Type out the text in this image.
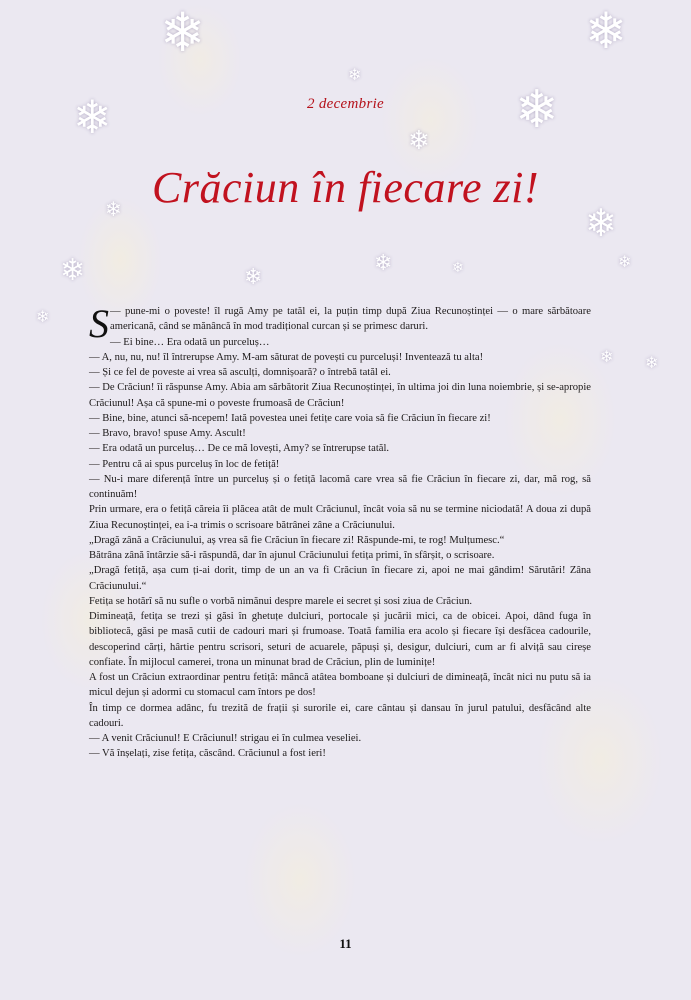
❄	❄
❄	❄
❄
❄
❄	❄
❄	❄
❄	❄	❄
❄
❄ ❄
2 decembrie
Crăciun în fiecare zi!

—
S pune-mi o poveste! îl rugă Amy pe tatăl ei, la puțin timp după Ziua Recunoștinței — o mare sărbătoare americană, când se mănâncă în mod tradițional curcan și se primesc daruri.

— Ei bine… Era odată un purceluș…

— A, nu, nu, nu! îl întrerupse Amy. M-am săturat de povești cu purceluși! Inventează tu alta!

— Și ce fel de poveste ai vrea să asculți, domnișoară? o întrebă tatăl ei.

— De Crăciun! îi răspunse Amy. Abia am sărbătorit Ziua Recunoștinței, în ultima joi din luna noiembrie, și se-apropie Crăciunul! Așa că spune-mi o poveste frumoasă de Crăciun!

— Bine, bine, atunci să-ncepem! Iată povestea unei fetițe care voia să fie Crăciun în fiecare zi!

— Bravo, bravo! spuse Amy. Ascult!

— Era odată un purceluș… De ce mă lovești, Amy? se întrerupse tatăl.

— Pentru că ai spus purceluș în loc de fetiță!

— Nu-i mare diferență între un purceluș și o fetiță lacomă care vrea să fie Crăciun în fiecare zi, dar, mă rog, să continuăm!

Prin urmare, era o fetiță căreia îi plăcea atât de mult Crăciunul, încât voia să nu se termine niciodată! A doua zi după Ziua Recunoștinței, ea i-a trimis o scrisoare bătrânei zâne a Crăciunului.

„Dragă zână a Crăciunului, aș vrea să fie Crăciun în fiecare zi! Răspunde-mi, te rog! Mulțumesc.“

Bătrâna zână întârzie să-i răspundă, dar în ajunul Crăciunului fetița primi, în sfârșit, o scrisoare.

„Dragă fetiță, așa cum ți-ai dorit, timp de un an va fi Crăciun în fiecare zi, apoi ne mai gândim! Sărutări! Zâna Crăciunului.“

Fetița se hotărî să nu sufle o vorbă nimănui despre marele ei secret și sosi ziua de Crăciun.

Dimineață, fetița se trezi și găsi în ghetuțe dulciuri, portocale și jucării mici, ca de obicei. Apoi, dând fuga în bibliotecă, găsi pe masă cutii de cadouri mari și frumoase. Toată familia era acolo și fiecare își desfăcea cadourile, descoperind cărți, hârtie pentru scrisori, seturi de acuarele, păpuși și, desigur, dulciuri, cum ar fi alviță sau cireșe confiate. În mijlocul camerei, trona un minunat brad de Crăciun, plin de luminițe!

A fost un Crăciun extraordinar pentru fetiță: mâncă atâtea bomboane și dulciuri de dimineață, încât nici nu putu să ia micul dejun și adormi cu stomacul cam întors pe dos!

În timp ce dormea adânc, fu trezită de frații și surorile ei, care cântau și dansau în jurul patului, desfăcând alte cadouri.

— A venit Crăciunul! E Crăciunul! strigau ei în culmea veseliei.

— Vă înșelați, zise fetița, căscând. Crăciunul a fost ieri!

11
